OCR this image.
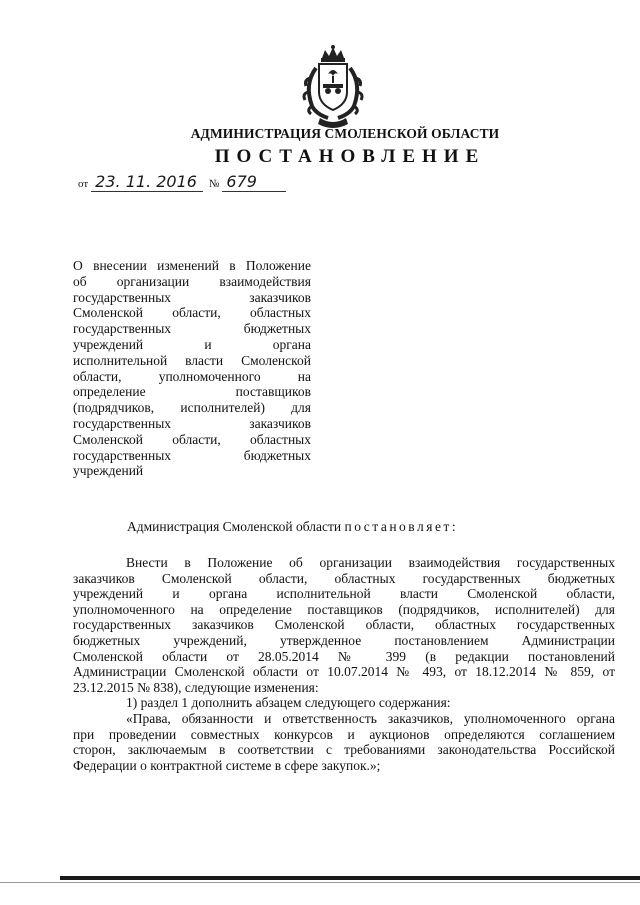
АДМИНИСТРАЦИЯ СМОЛЕНСКОЙ ОБЛАСТИ
ПОСТАНОВЛЕНИЕ
от 23. 11. 2016 № 679
О внесении изменений в Положение
об организации взаимодействия
государственных заказчиков
Смоленской области, областных
государственных бюджетных
учреждений и органа
исполнительной власти Смоленской
области, уполномоченного на
определение поставщиков
(подрядчиков, исполнителей) для
государственных заказчиков
Смоленской области, областных
государственных бюджетных
учреждений
Администрация Смоленской области постановляет:
Внести в Положение об организации взаимодействия государственных
заказчиков Смоленской области, областных государственных бюджетных
учреждений и органа исполнительной власти Смоленской области,
уполномоченного на определение поставщиков (подрядчиков, исполнителей) для
государственных заказчиков Смоленской области, областных государственных
бюджетных учреждений, утвержденное постановлением Администрации
Смоленской области от 28.05.2014 № 399 (в редакции постановлений
Администрации Смоленской области от 10.07.2014 № 493, от 18.12.2014 № 859, от
23.12.2015 № 838), следующие изменения:
1) раздел 1 дополнить абзацем следующего содержания:
«Права, обязанности и ответственность заказчиков, уполномоченного органа
при проведении совместных конкурсов и аукционов определяются соглашением
сторон, заключаемым в соответствии с требованиями законодательства Российской
Федерации о контрактной системе в сфере закупок.»;
